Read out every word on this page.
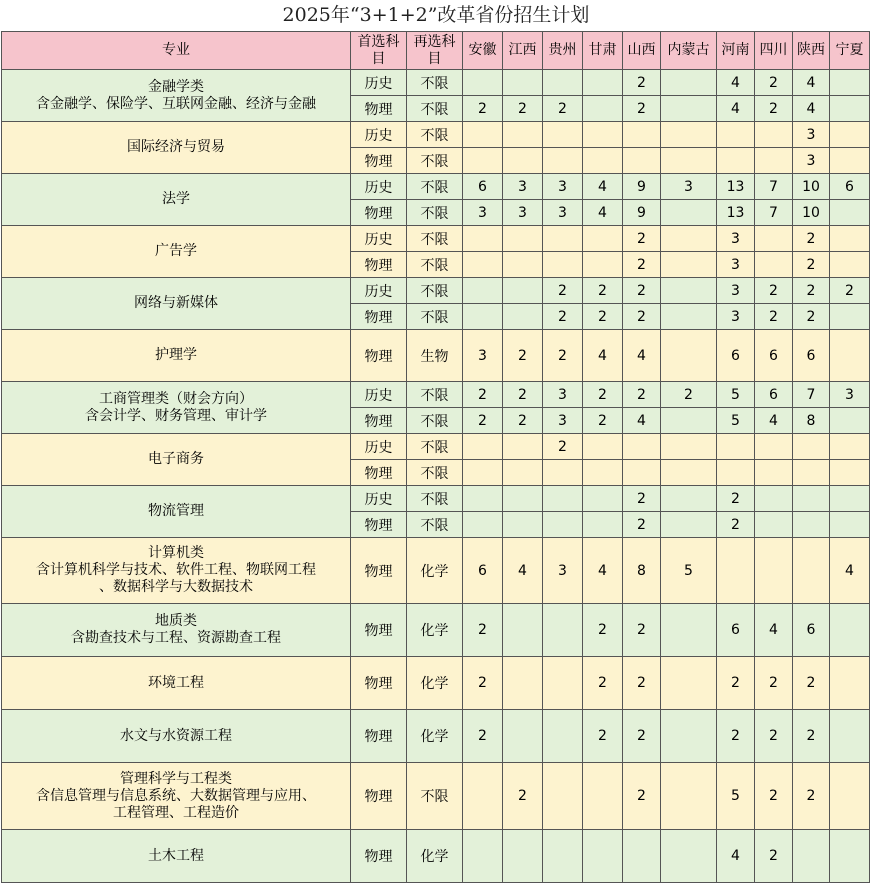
2025年“3+1+2”改革省份招生计划
专业	首选科目	再选科目	安徽	江西	贵州	甘肃	山西	内蒙古	河南	四川	陕西	宁夏

金融学类
含金融学、保险学、互联网金融、经济与金融	历史	不限					2		4	2	4	
	物理	不限	2	2	2		2		4	2	4	

国际经济与贸易	历史	不限									3	
	物理	不限									3	

法学	历史	不限	6	3	3	4	9	3	13	7	10	6
	物理	不限	3	3	3	4	9		13	7	10	

广告学	历史	不限					2		3		2	
	物理	不限					2		3		2	

网络与新媒体	历史	不限			2	2	2		3	2	2	2
	物理	不限			2	2	2		3	2	2	

护理学	物理	生物	3	2	2	4	4		6	6	6	

工商管理类（财会方向）
含会计学、财务管理、审计学	历史	不限	2	2	3	2	2	2	5	6	7	3
	物理	不限	2	2	3	2	4		5	4	8	

电子商务	历史	不限			2							
	物理	不限										

物流管理	历史	不限					2		2			
	物理	不限					2		2			

计算机类
含计算机科学与技术、软件工程、物联网工程
、数据科学与大数据技术	物理	化学	6	4	3	4	8	5				4

地质类
含勘查技术与工程、资源勘查工程	物理	化学	2			2	2		6	4	6	

环境工程	物理	化学	2			2	2		2	2	2	

水文与水资源工程	物理	化学	2			2	2		2	2	2	

管理科学与工程类
含信息管理与信息系统、大数据管理与应用、
工程管理、工程造价	物理	不限		2			2		5	2	2	

土木工程	物理	化学							4	2		
